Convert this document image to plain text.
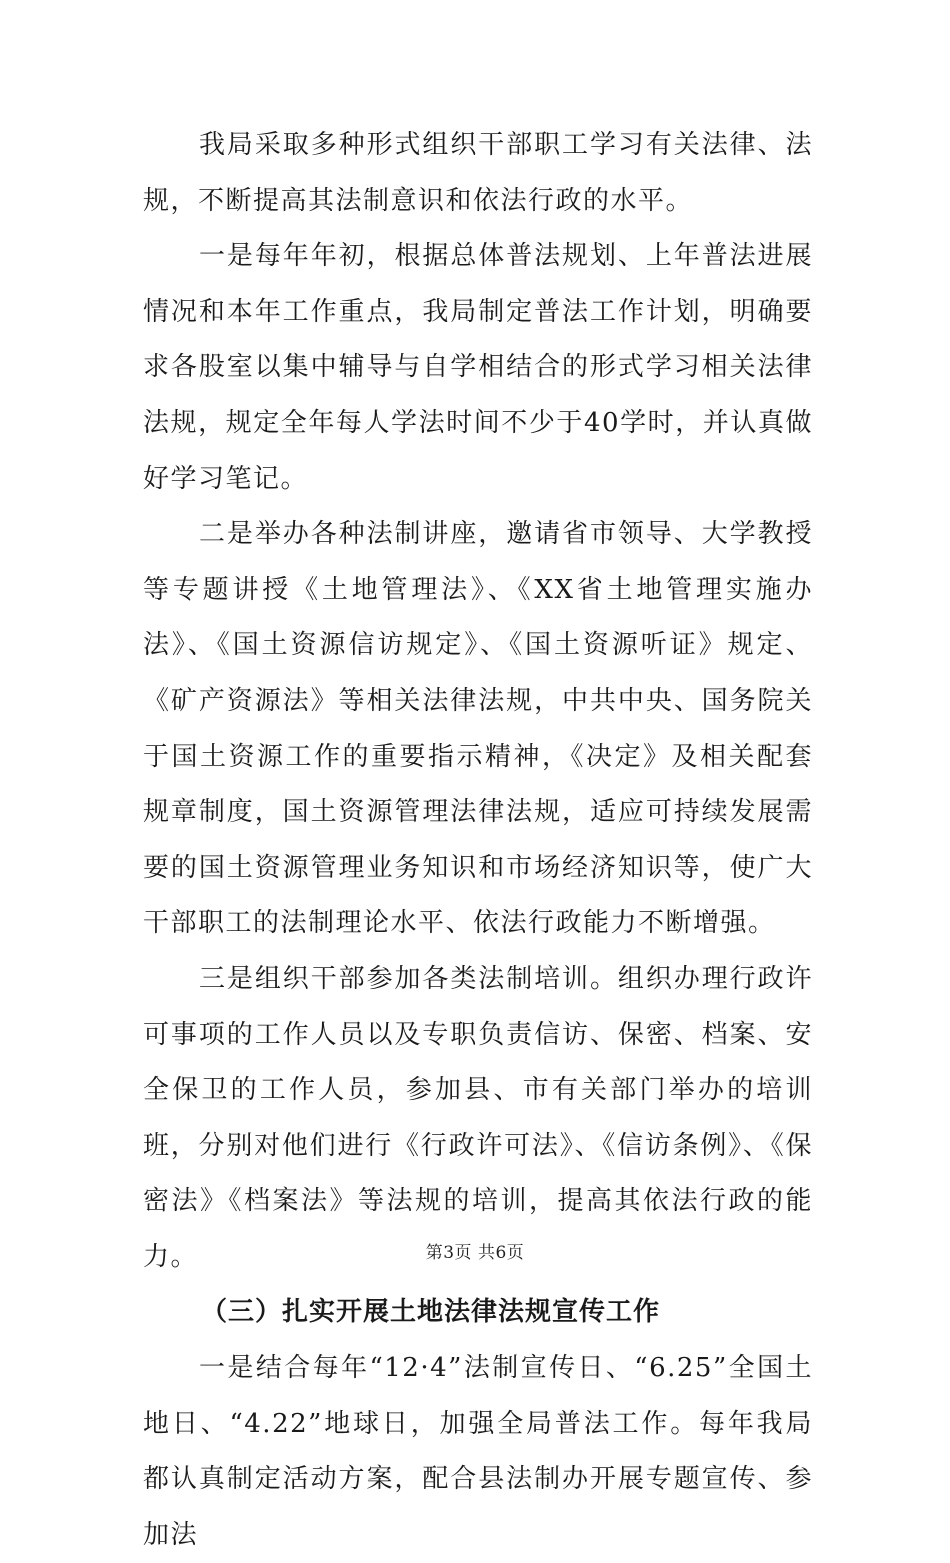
我局采取多种形式组织干部职工学习有关法律、法规，不断提高其法制意识和依法行政的水平。

一是每年年初，根据总体普法规划、上年普法进展情况和本年工作重点，我局制定普法工作计划，明确要求各股室以集中辅导与自学相结合的形式学习相关法律法规，规定全年每人学法时间不少于40学时，并认真做好学习笔记。

二是举办各种法制讲座，邀请省市领导、大学教授等专题讲授《土地管理法》、《XX省土地管理实施办法》、《国土资源信访规定》、《国土资源听证》规定、《矿产资源法》等相关法律法规，中共中央、国务院关于国土资源工作的重要指示精神，《决定》及相关配套规章制度，国土资源管理法律法规，适应可持续发展需要的国土资源管理业务知识和市场经济知识等，使广大干部职工的法制理论水平、依法行政能力不断增强。

三是组织干部参加各类法制培训。组织办理行政许可事项的工作人员以及专职负责信访、保密、档案、安全保卫的工作人员，参加县、市有关部门举办的培训班，分别对他们进行《行政许可法》、《信访条例》、《保密法》《档案法》等法规的培训，提高其依法行政的能力。

（三）扎实开展土地法律法规宣传工作

一是结合每年“12·4”法制宣传日、“6.25”全国土地日、“4.22”地球日，加强全局普法工作。每年我局都认真制定活动方案，配合县法制办开展专题宣传、参加法

第3页 共6页
